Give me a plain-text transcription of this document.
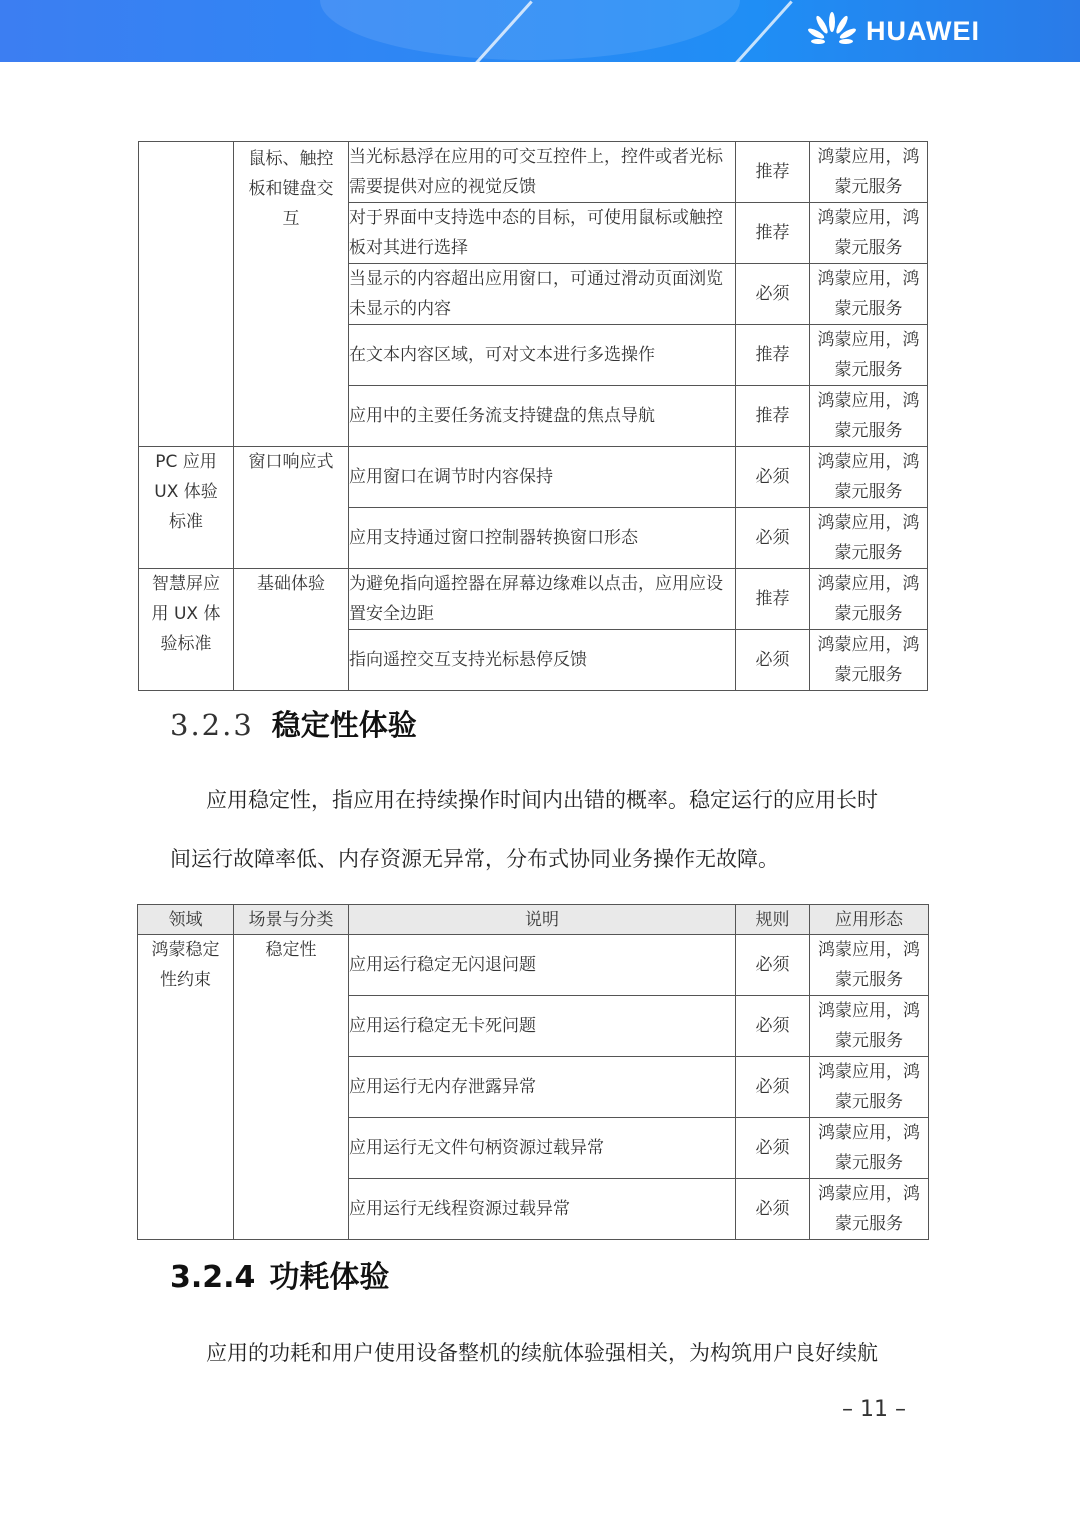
HUAWEI

	鼠标、触控板和键盘交互	当光标悬浮在应用的可交互控件上，控件或者光标需要提供对应的视觉反馈	推荐	鸿蒙应用，鸿蒙元服务
		对于界面中支持选中态的目标，可使用鼠标或触控板对其进行选择	推荐	鸿蒙应用，鸿蒙元服务
		当显示的内容超出应用窗口，可通过滑动页面浏览未显示的内容	必须	鸿蒙应用，鸿蒙元服务
		在文本内容区域，可对文本进行多选操作	推荐	鸿蒙应用，鸿蒙元服务
		应用中的主要任务流支持键盘的焦点导航	推荐	鸿蒙应用，鸿蒙元服务

PC 应用 UX 体验标准	窗口响应式	应用窗口在调节时内容保持	必须	鸿蒙应用，鸿蒙元服务
		应用支持通过窗口控制器转换窗口形态	必须	鸿蒙应用，鸿蒙元服务

智慧屏应用 UX 体验标准	基础体验	为避免指向遥控器在屏幕边缘难以点击，应用应设置安全边距	推荐	鸿蒙应用，鸿蒙元服务
		指向遥控交互支持光标悬停反馈	必须	鸿蒙应用，鸿蒙元服务
3.2.3 稳定性体验
应用稳定性，指应用在持续操作时间内出错的概率。稳定运行的应用长时
间运行故障率低、内存资源无异常，分布式协同业务操作无故障。
领域	场景与分类	说明	规则	应用形态

鸿蒙稳定性约束	稳定性	应用运行稳定无闪退问题	必须	鸿蒙应用，鸿蒙元服务
		应用运行稳定无卡死问题	必须	鸿蒙应用，鸿蒙元服务
		应用运行无内存泄露异常	必须	鸿蒙应用，鸿蒙元服务
		应用运行无文件句柄资源过载异常	必须	鸿蒙应用，鸿蒙元服务
		应用运行无线程资源过载异常	必须	鸿蒙应用，鸿蒙元服务
3.2.4 功耗体验
应用的功耗和用户使用设备整机的续航体验强相关，为构筑用户良好续航
– 11 –
